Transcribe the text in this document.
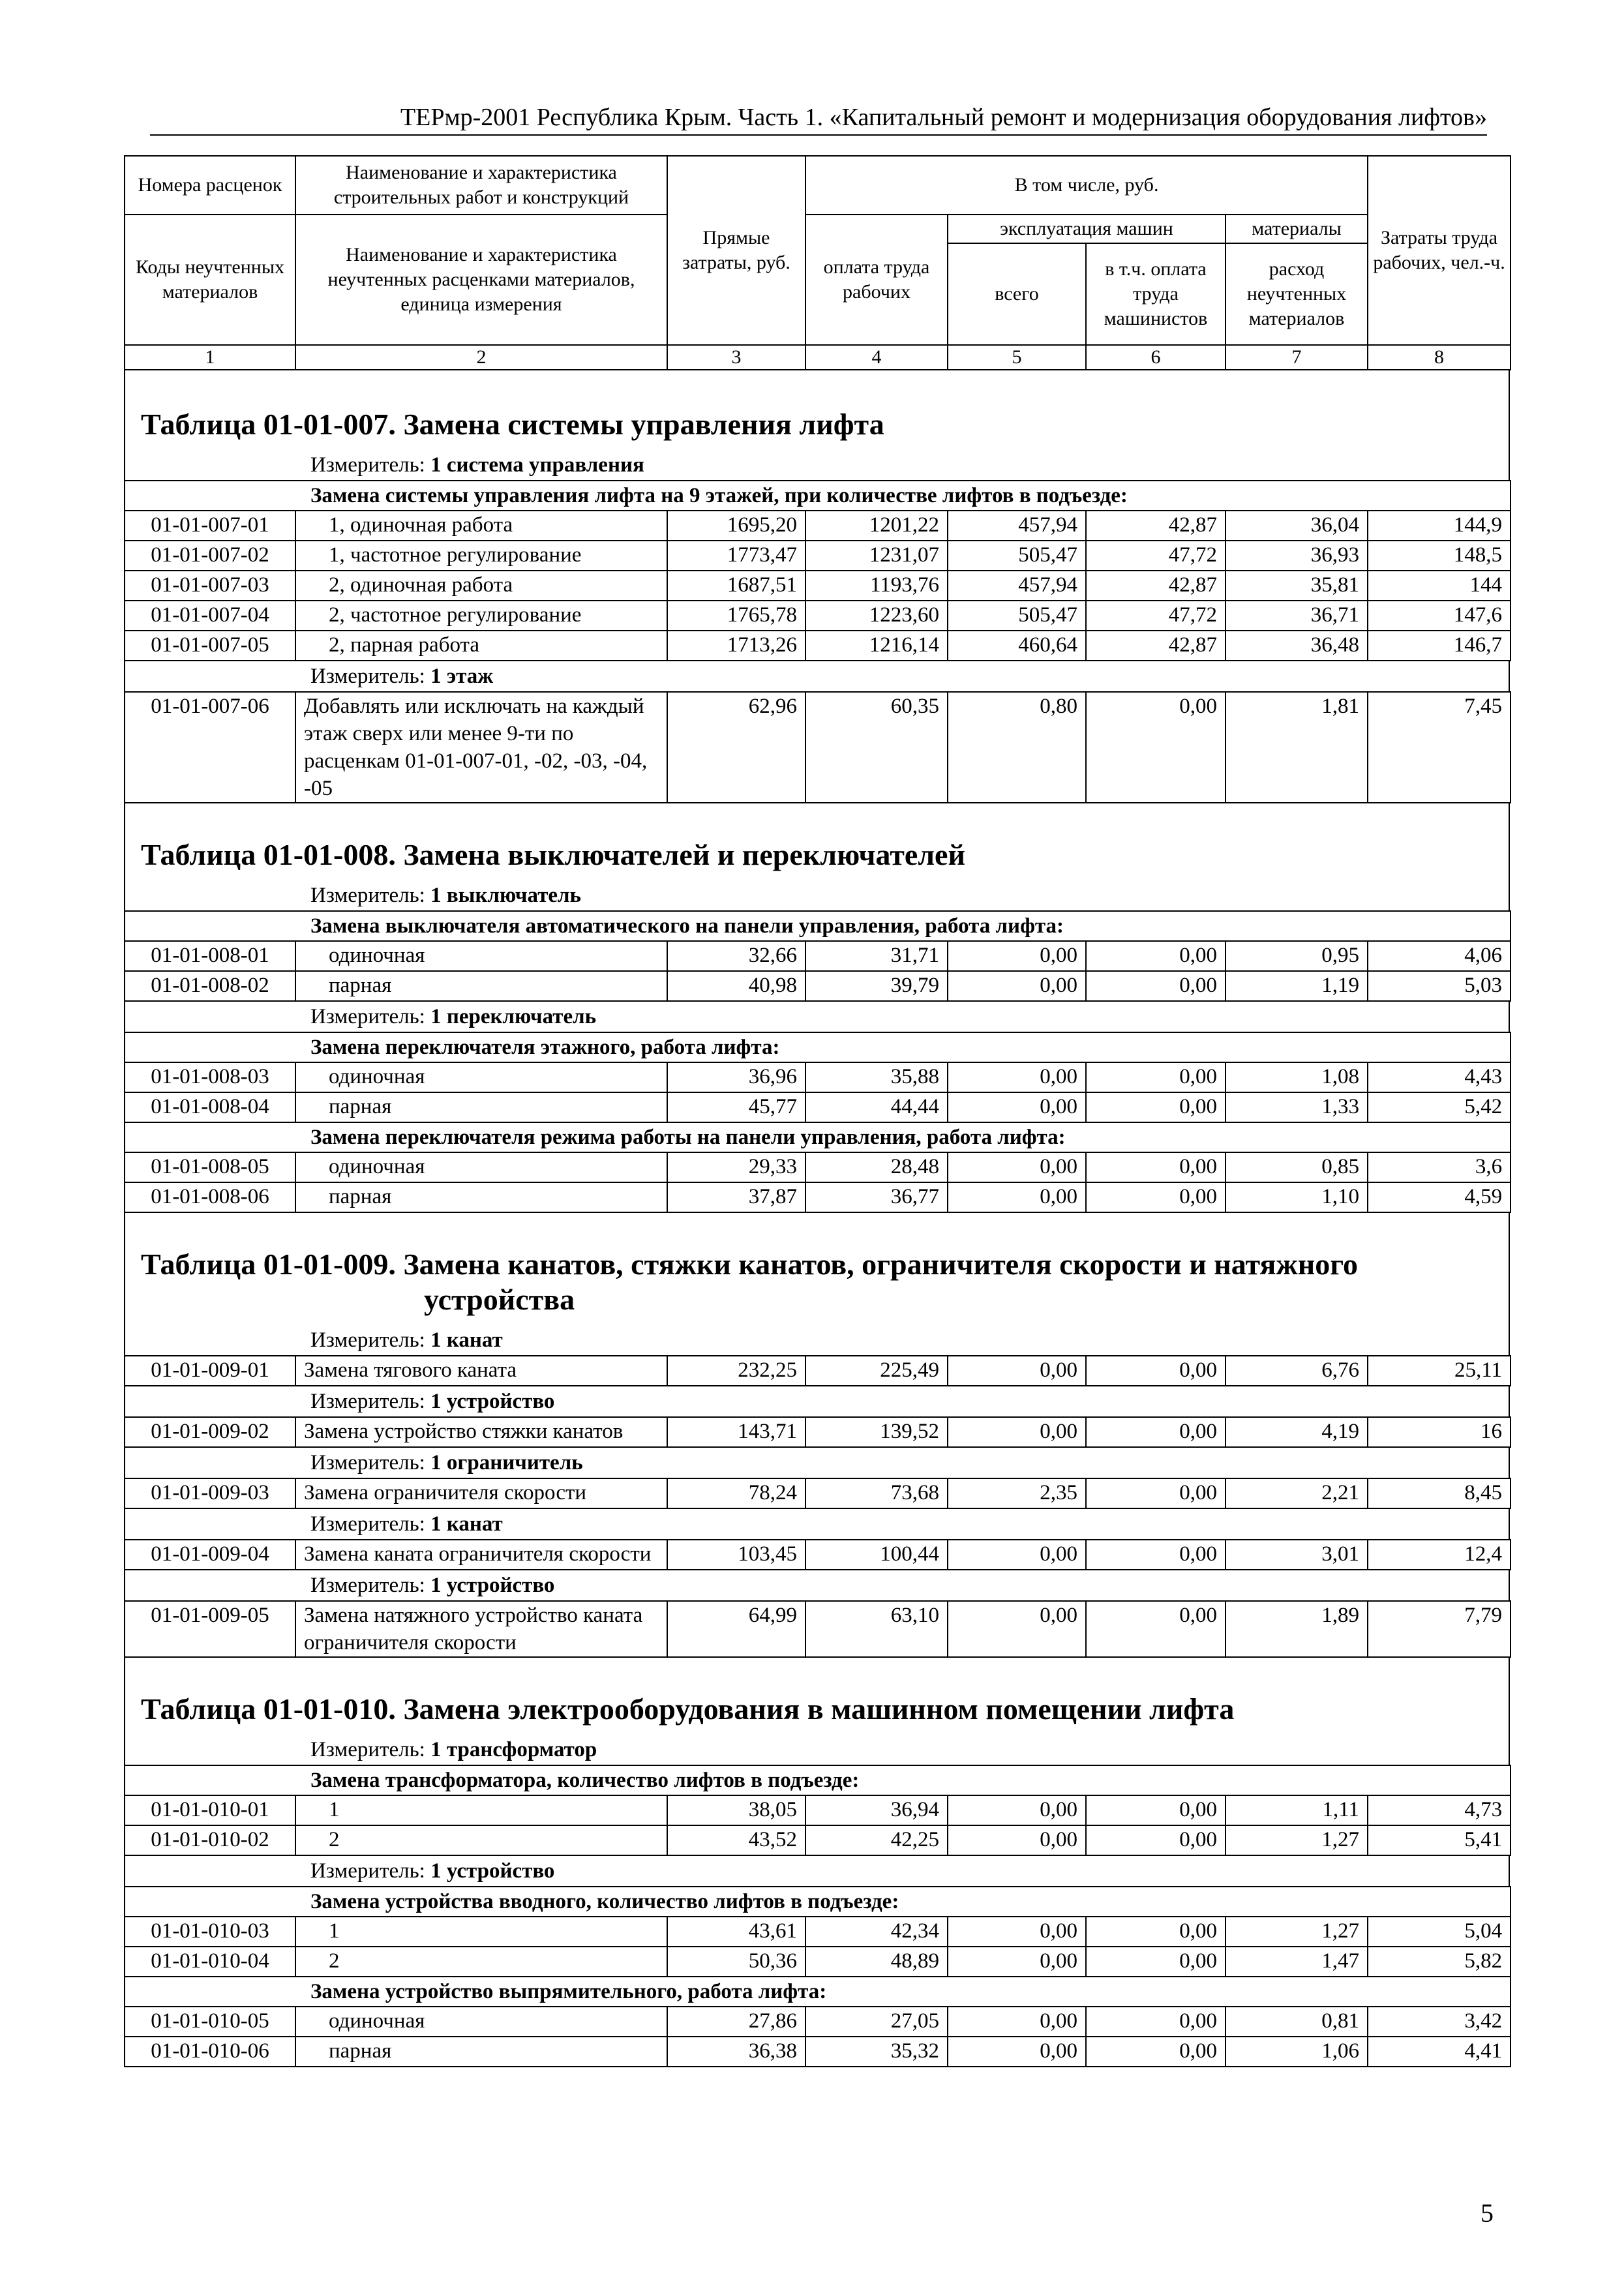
ТЕРмр-2001 Республика Крым. Часть 1. «Капитальный ремонт и модернизация оборудования лифтов»
Номера расценок	Наименование и характеристика строительных работ и конструкций	Прямые затраты, руб.	В том числе, руб.				Затраты труда рабочих, чел.-ч.
Коды неучтенных материалов	Наименование и характеристика неучтенных расценками материалов, единица измерения		оплата труда рабочих	эксплуатация машин		материалы	
				всего	в т.ч. оплата труда машинистов	расход неучтенных материалов	
1	2	3	4	5	6	7	8
Таблица 01-01-007. Замена системы управления лифта
Измеритель: 1 система управления
Замена системы управления лифта на 9 этажей, при количестве лифтов в подъезде:							
01-01-007-01	1, одиночная работа	1695,20	1201,22	457,94	42,87	36,04	144,9
01-01-007-02	1, частотное регулирование	1773,47	1231,07	505,47	47,72	36,93	148,5
01-01-007-03	2, одиночная работа	1687,51	1193,76	457,94	42,87	35,81	144
01-01-007-04	2, частотное регулирование	1765,78	1223,60	505,47	47,72	36,71	147,6
01-01-007-05	2, парная работа	1713,26	1216,14	460,64	42,87	36,48	146,7
Измеритель: 1 этаж
01-01-007-06	Добавлять или исключать на каждый этаж сверх или менее 9-ти по расценкам 01-01-007-01, -02, -03, -04, -05	62,96	60,35	0,80	0,00	1,81	7,45
Таблица 01-01-008. Замена выключателей и переключателей
Измеритель: 1 выключатель
Замена выключателя автоматического на панели управления, работа лифта:							
01-01-008-01	одиночная	32,66	31,71	0,00	0,00	0,95	4,06
01-01-008-02	парная	40,98	39,79	0,00	0,00	1,19	5,03
Измеритель: 1 переключатель
Замена переключателя этажного, работа лифта:							
01-01-008-03	одиночная	36,96	35,88	0,00	0,00	1,08	4,43
01-01-008-04	парная	45,77	44,44	0,00	0,00	1,33	5,42
Замена переключателя режима работы на панели управления, работа лифта:							
01-01-008-05	одиночная	29,33	28,48	0,00	0,00	0,85	3,6
01-01-008-06	парная	37,87	36,77	0,00	0,00	1,10	4,59
Таблица 01-01-009. Замена канатов, стяжки канатов, ограничителя скорости и натяжного
устройства
Измеритель: 1 канат
01-01-009-01	Замена тягового каната	232,25	225,49	0,00	0,00	6,76	25,11
Измеритель: 1 устройство
01-01-009-02	Замена устройство стяжки канатов	143,71	139,52	0,00	0,00	4,19	16
Измеритель: 1 ограничитель
01-01-009-03	Замена ограничителя скорости	78,24	73,68	2,35	0,00	2,21	8,45
Измеритель: 1 канат
01-01-009-04	Замена каната ограничителя скорости	103,45	100,44	0,00	0,00	3,01	12,4
Измеритель: 1 устройство
01-01-009-05	Замена натяжного устройство каната ограничителя скорости	64,99	63,10	0,00	0,00	1,89	7,79
Таблица 01-01-010. Замена электрооборудования в машинном помещении лифта
Измеритель: 1 трансформатор
Замена трансформатора, количество лифтов в подъезде:							
01-01-010-01	1	38,05	36,94	0,00	0,00	1,11	4,73
01-01-010-02	2	43,52	42,25	0,00	0,00	1,27	5,41
Измеритель: 1 устройство
Замена устройства вводного, количество лифтов в подъезде:							
01-01-010-03	1	43,61	42,34	0,00	0,00	1,27	5,04
01-01-010-04	2	50,36	48,89	0,00	0,00	1,47	5,82
Замена устройство выпрямительного, работа лифта:							
01-01-010-05	одиночная	27,86	27,05	0,00	0,00	0,81	3,42
01-01-010-06	парная	36,38	35,32	0,00	0,00	1,06	4,41
5
